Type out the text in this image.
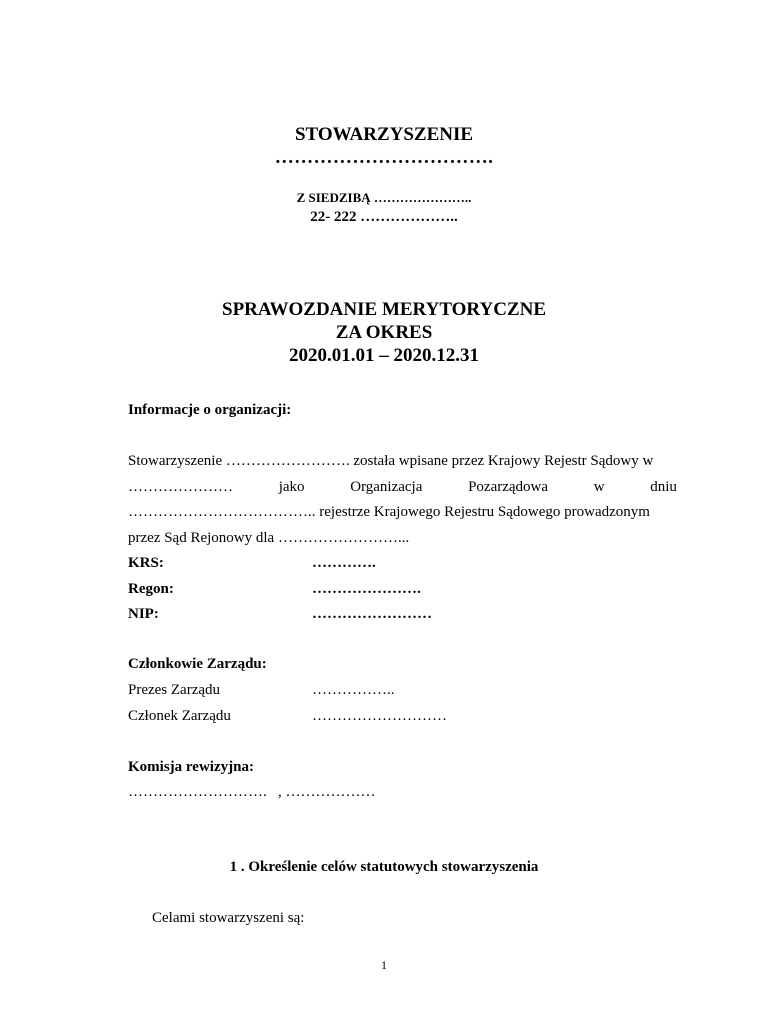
STOWARZYSZENIE
…………………………….
Z SIEDZIBĄ …………………..
22- 222 ………………..
SPRAWOZDANIE MERYTORYCZNE
ZA OKRES
2020.01.01 – 2020.12.31
Informacje o organizacji:
Stowarzyszenie ……………………. została wpisane przez Krajowy Rejestr Sądowy w
…………………	jako	Organizacja	Pozarządowa	w	dniu
……………………………….. rejestrze Krajowego Rejestru Sądowego prowadzonym
przez Sąd Rejonowy dla ……………………...
KRS:	………….
Regon:	………………….
NIP:	……………………
Członkowie Zarządu:
Prezes Zarządu	……………..
Członek Zarządu	………………………
Komisja rewizyjna:
……………………….   , ………………
1 . Określenie celów statutowych stowarzyszenia
Celami stowarzyszeni są:
1
